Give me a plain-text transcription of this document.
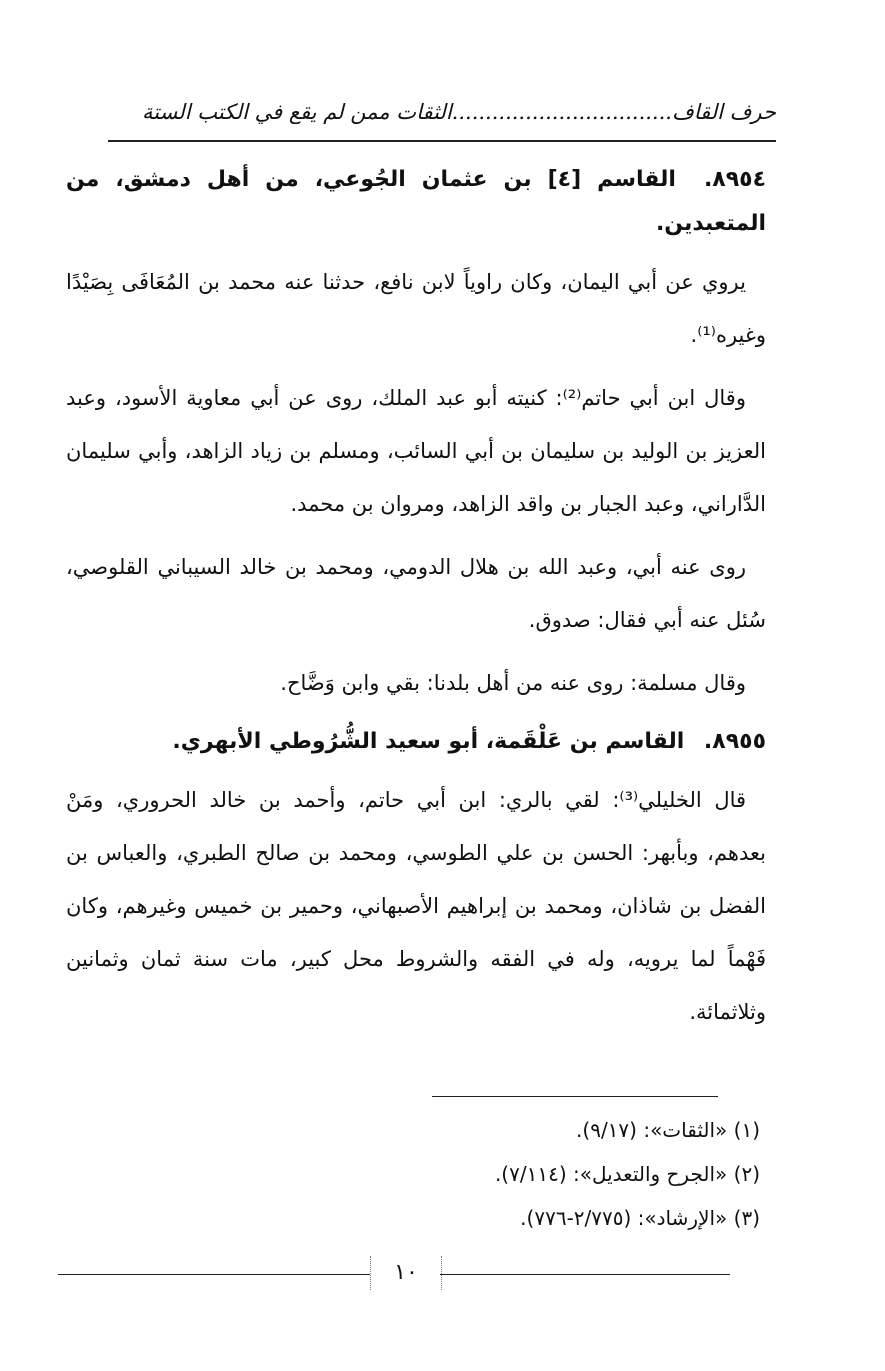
حرف القاف.................................الثقات ممن لم يقع في الكتب الستة
٨٩٥٤. القاسم [٤] بن عثمان الجُوعي، من أهل دمشق، من المتعبدين.

يروي عن أبي اليمان، وكان راوياً لابن نافع، حدثنا عنه محمد بن المُعَافَى بِصَيْدًا وغيره⁽¹⁾.

وقال ابن أبي حاتم⁽²⁾: كنيته أبو عبد الملك، روى عن أبي معاوية الأسود، وعبد العزيز بن الوليد بن سليمان بن أبي السائب، ومسلم بن زياد الزاهد، وأبي سليمان الدَّاراني، وعبد الجبار بن واقد الزاهد، ومروان بن محمد.

روى عنه أبي، وعبد الله بن هلال الدومي، ومحمد بن خالد السيباني القلوصي، سُئل عنه أبي فقال: صدوق.

وقال مسلمة: روى عنه من أهل بلدنا: بقي وابن وَضَّاح.

٨٩٥٥. القاسم بن عَلْقَمة، أبو سعيد الشُّرُوطي الأبهري.

قال الخليلي⁽³⁾: لقي بالري: ابن أبي حاتم، وأحمد بن خالد الحروري، ومَنْ بعدهم، وبأبهر: الحسن بن علي الطوسي، ومحمد بن صالح الطبري، والعباس بن الفضل بن شاذان، ومحمد بن إبراهيم الأصبهاني، وحمير بن خميس وغيرهم، وكان فَهْماً لما يرويه، وله في الفقه والشروط محل كبير، مات سنة ثمان وثمانين وثلاثمائة.

(١) «الثقات»: (٩/١٧).

(٢) «الجرح والتعديل»: (٧/١١٤).

(٣) «الإرشاد»: (٢/٧٧٥-٧٧٦).

١٠
